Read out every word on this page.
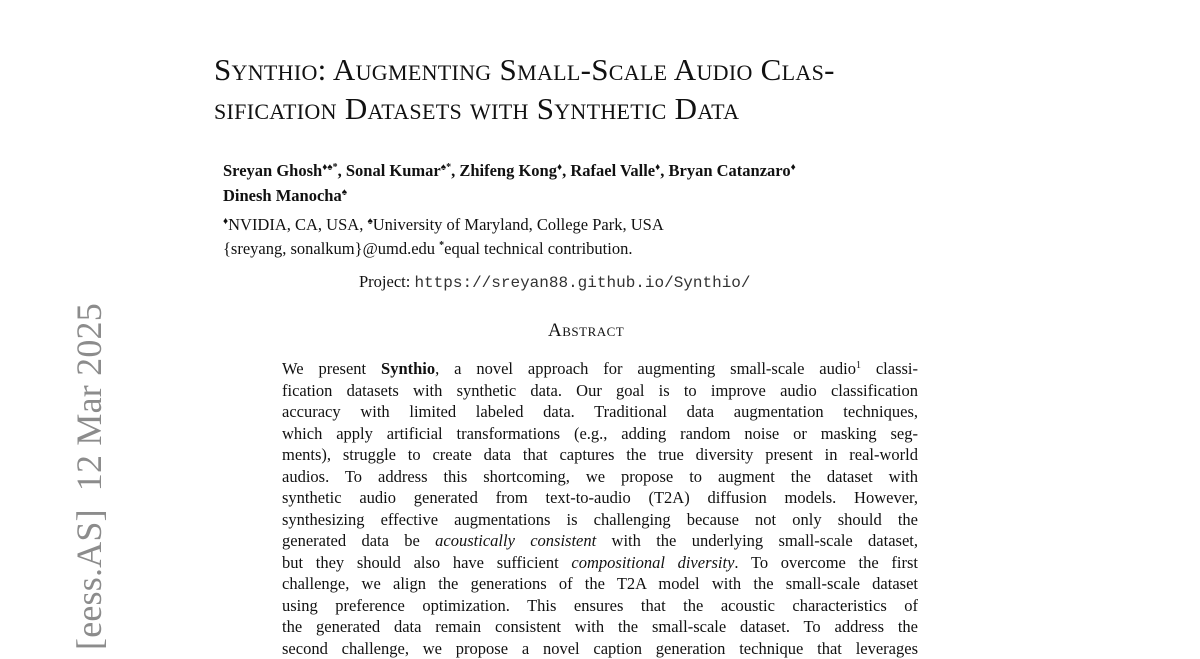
[eess.AS]12 Mar 2025
Synthio: Augmenting Small-Scale Audio Clas-
sification Datasets with Synthetic Data
Sreyan Ghosh♦♠*, Sonal Kumar♠*, Zhifeng Kong♦, Rafael Valle♦, Bryan Catanzaro♦
Dinesh Manocha♠
♦NVIDIA, CA, USA, ♠University of Maryland, College Park, USA
{sreyang, sonalkum}@umd.edu *equal technical contribution.
Project: https://sreyan88.github.io/Synthio/
Abstract
We present Synthio, a novel approach for augmenting small-scale audio$^1$ classi-
fication datasets with synthetic data. Our goal is to improve audio classification
accuracy with limited labeled data. Traditional data augmentation techniques,
which apply artificial transformations (e.g., adding random noise or masking seg-
ments), struggle to create data that captures the true diversity present in real-world
audios. To address this shortcoming, we propose to augment the dataset with
synthetic audio generated from text-to-audio (T2A) diffusion models. However,
synthesizing effective augmentations is challenging because not only should the
generated data be acoustically consistent with the underlying small-scale dataset,
but they should also have sufficient compositional diversity. To overcome the first
challenge, we align the generations of the T2A model with the small-scale dataset
using preference optimization. This ensures that the acoustic characteristics of
the generated data remain consistent with the small-scale dataset. To address the
second challenge, we propose a novel caption generation technique that leverages
